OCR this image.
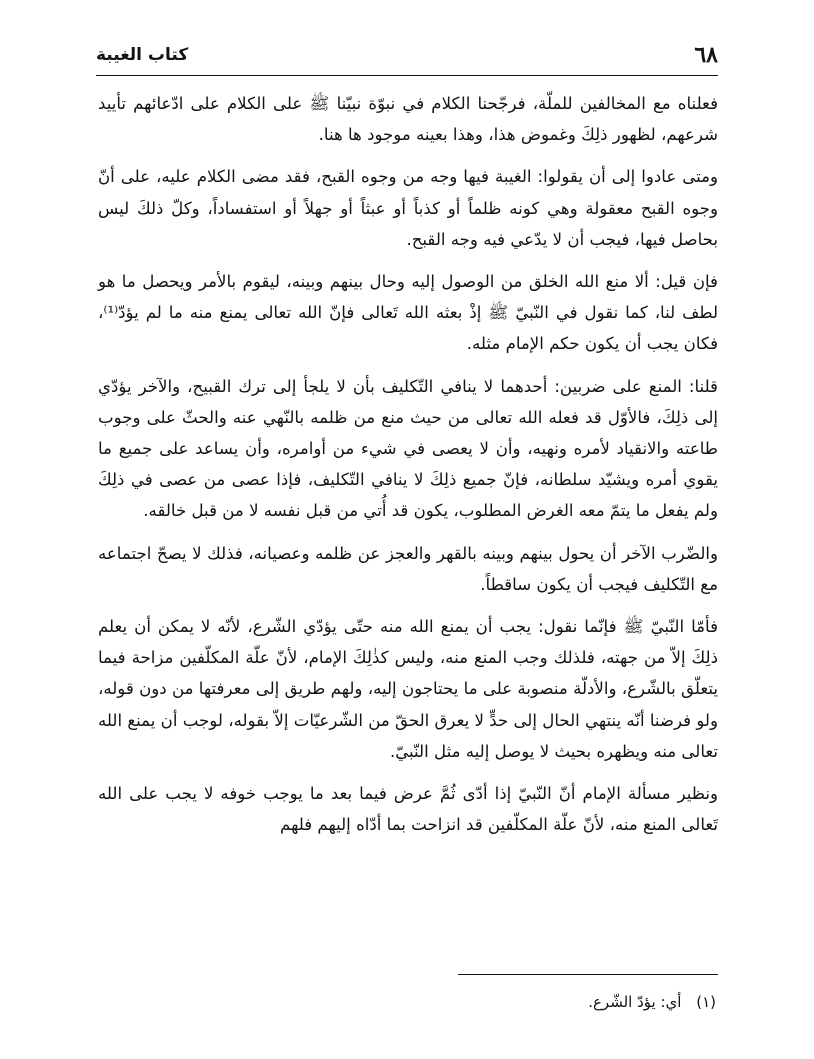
٦٨
كتاب الغيبة

فعلناه مع المخالفين للملّة، فرجّحنا الكلام في نبوّة نبيّنا ﷺ على الكلام على ادّعائهم تأييد شرعهم، لظهور ذلِكَ وغموض هذا، وهذا بعينه موجود ها هنا.

ومتى عادوا إلى أن يقولوا: الغيبة فيها وجه من وجوه القبح، فقد مضى الكلام عليه، على أنّ وجوه القبح معقولة وهي كونه ظلماً أو كذباً أو عبثاً أو جهلاً أو استفساداً، وكلّ ذلكَ ليس بحاصل فيها، فيجب أن لا يدّعي فيه وجه القبح.

فإن قيل: ألا منع الله الخلق من الوصول إليه وحال بينهم وبينه، ليقوم بالأمر ويحصل ما هو لطف لنا، كما نقول في النّبيّ ﷺ إذْ بعثه الله تَعالى فإنّ الله تعالى يمنع منه ما لم يؤدّ⁽¹⁾، فكان يجب أن يكون حكم الإمام مثله.

قلنا: المنع على ضربين: أحدهما لا ينافي التّكليف بأن لا يلجأ إلى ترك القبيح، والآخر يؤدّي إلى ذلِكَ، فالأوّل قد فعله الله تعالى من حيث منع من ظلمه بالنّهي عنه والحثّ على وجوب طاعته والانقياد لأمره ونهيه، وأن لا يعصى في شيء من أوامره، وأن يساعد على جميع ما يقوي أمره ويشيّد سلطانه، فإنّ جميع ذلِكَ لا ينافي التّكليف، فإذا عصى من عصى في ذلِكَ ولم يفعل ما يتمّ معه الغرض المطلوب، يكون قد أُتي من قبل نفسه لا من قبل خالقه.

والضّرب الآخر أن يحول بينهم وبينه بالقهر والعجز عن ظلمه وعصيانه، فذلك لا يصحّ اجتماعه مع التّكليف فيجب أن يكون ساقطاً.

فأمّا النّبيّ ﷺ فإنّما نقول: يجب أن يمنع الله منه حتّى يؤدّي الشّرع، لأنّه لا يمكن أن يعلم ذلِكَ إلاّ من جهته، فلذلك وجب المنع منه، وليس كذٰلِكَ الإمام، لأنّ علّة المكلّفين مزاحة فيما يتعلّق بالشّرع، والأدلّة منصوبة على ما يحتاجون إليه، ولهم طريق إلى معرفتها من دون قوله، ولو فرضنا أنّه ينتهي الحال إلى حدٍّ لا يعرق الحقّ من الشّرعيّات إلاّ بقوله، لوجب أن يمنع الله تعالى منه ويظهره بحيث لا يوصل إليه مثل النّبيّ.

ونظير مسألة الإمام أنّ النّبيّ إذا أدّى ثُمَّ عرض فيما بعد ما يوجب خوفه لا يجب على الله تَعالى المنع منه، لأنّ علّة المكلّفين قد انزاحت بما أدّاه إليهم فلهم

(١) أي: يؤدّ الشّرع.
